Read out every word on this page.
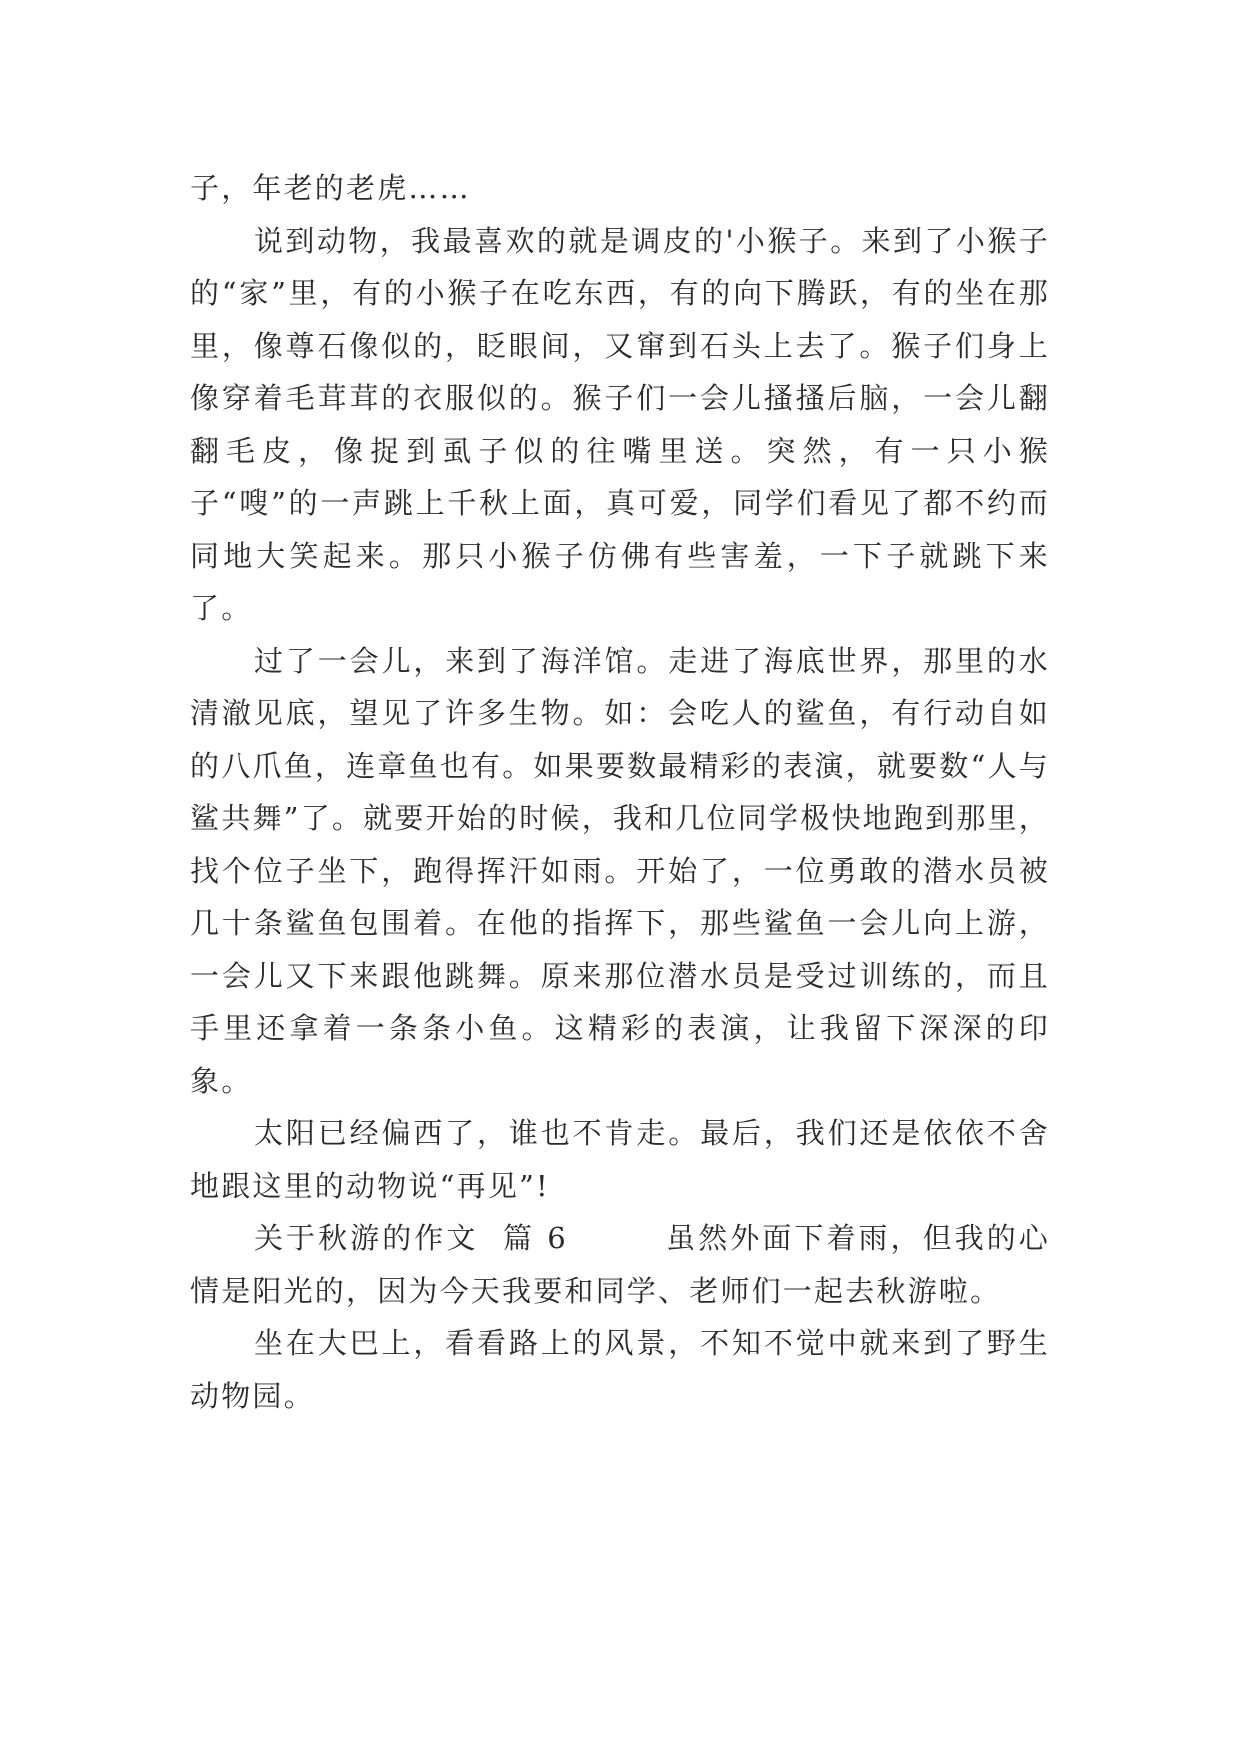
子，年老的老虎……

说到动物，我最喜欢的就是调皮的'小猴子。来到了小猴子的“家”里，有的小猴子在吃东西，有的向下腾跃，有的坐在那里，像尊石像似的，眨眼间，又窜到石头上去了。猴子们身上像穿着毛茸茸的衣服似的。猴子们一会儿搔搔后脑，一会儿翻翻毛皮，像捉到虱子似的往嘴里送。突然，有一只小猴子“嗖”的一声跳上千秋上面，真可爱，同学们看见了都不约而同地大笑起来。那只小猴子仿佛有些害羞，一下子就跳下来了。

过了一会儿，来到了海洋馆。走进了海底世界，那里的水清澈见底，望见了许多生物。如：会吃人的鲨鱼，有行动自如的八爪鱼，连章鱼也有。如果要数最精彩的表演，就要数“人与鲨共舞”了。就要开始的时候，我和几位同学极快地跑到那里，找个位子坐下，跑得挥汗如雨。开始了，一位勇敢的潜水员被几十条鲨鱼包围着。在他的指挥下，那些鲨鱼一会儿向上游，一会儿又下来跟他跳舞。原来那位潜水员是受过训练的，而且手里还拿着一条条小鱼。这精彩的表演，让我留下深深的印象。

太阳已经偏西了，谁也不肯走。最后，我们还是依依不舍地跟这里的动物说“再见”!

关于秋游的作文  篇 6        虽然外面下着雨，但我的心情是阳光的，因为今天我要和同学、老师们一起去秋游啦。

坐在大巴上，看看路上的风景，不知不觉中就来到了野生动物园。
